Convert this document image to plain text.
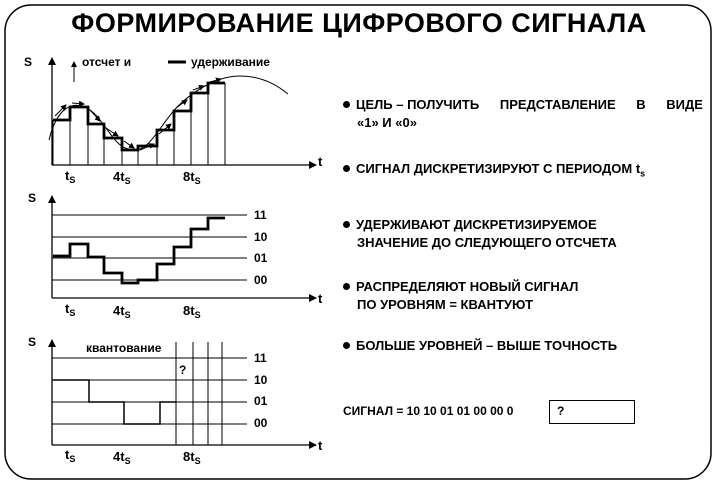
ФОРМИРОВАНИЕ ЦИФРОВОГО СИГНАЛА
S
t
отсчет и	удерживание
$t_S$	$4t_S$	$8t_S$
S
t
11
10
01
00
$t_S$	$4t_S$	$8t_S$
S
t
квантование
11
10
01
00
?
$t_S$	$4t_S$	$8t_S$
ЦЕЛЬ – ПОЛУЧИТЬ ПРЕДСТАВЛЕНИЕ В ВИДЕ
«1» И «0»
СИГНАЛ ДИСКРЕТИЗИРУЮТ С ПЕРИОДОМ $t_s$
УДЕРЖИВАЮТ ДИСКРЕТИЗИРУЕМОЕ
ЗНАЧЕНИЕ ДО СЛЕДУЮЩЕГО ОТСЧЕТА
РАСПРЕДЕЛЯЮТ НОВЫЙ СИГНАЛ
ПО УРОВНЯМ = КВАНТУЮТ
БОЛЬШЕ УРОВНЕЙ – ВЫШЕ ТОЧНОСТЬ
СИГНАЛ = 10 10 01 01 00 00 0	?
